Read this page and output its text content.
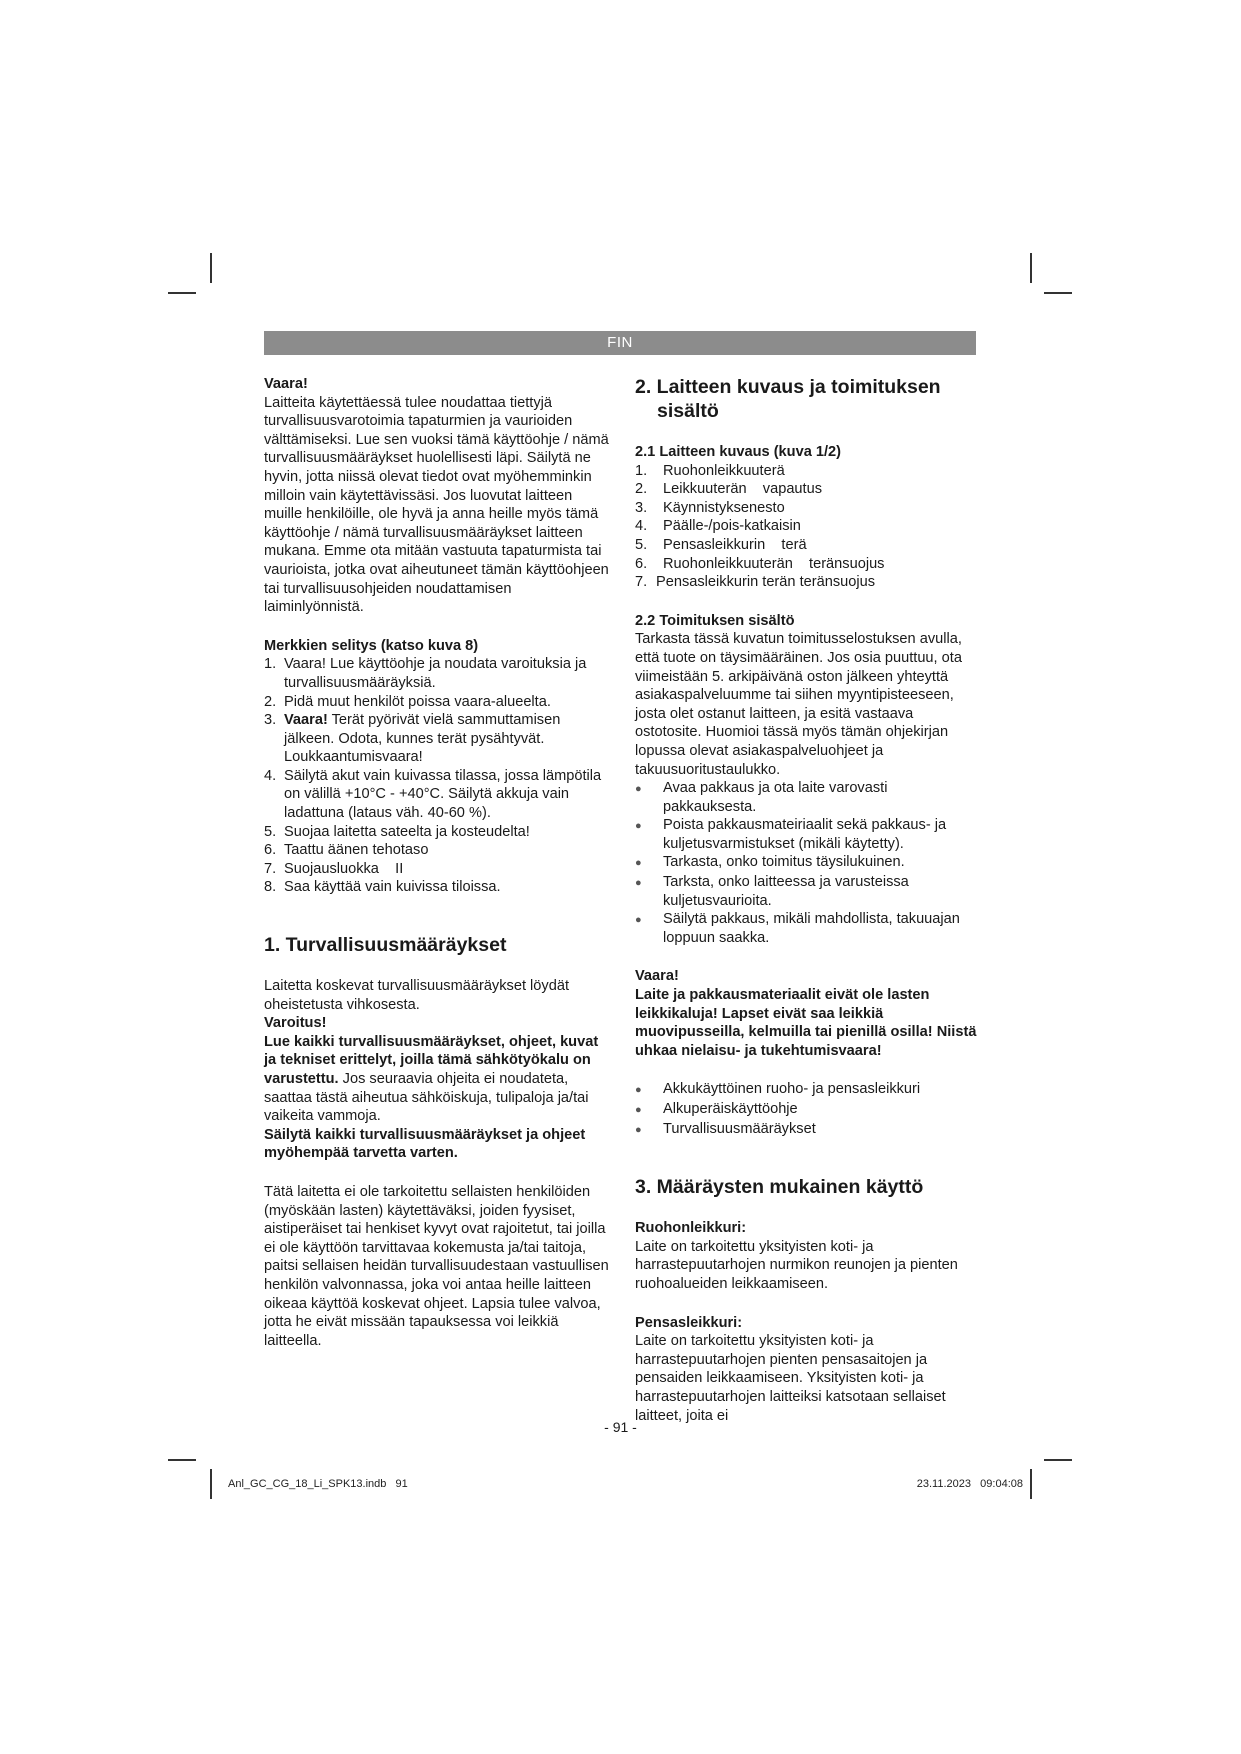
FIN
Vaara!

Laitteita käytettäessä tulee noudattaa tiettyjä turvallisuusvarotoimia tapaturmien ja vaurioiden välttämiseksi. Lue sen vuoksi tämä käyttöohje / nämä turvallisuusmääräykset huolellisesti läpi. Säilytä ne hyvin, jotta niissä olevat tiedot ovat myöhemminkin milloin vain käytettävissäsi. Jos luovutat laitteen muille henkilöille, ole hyvä ja anna heille myös tämä käyttöohje / nämä turvallisuusmääräykset laitteen mukana. Emme ota mitään vastuuta tapaturmista tai vaurioista, jotka ovat aiheutuneet tämän käyttöohjeen tai turvallisuusohjeiden noudattamisen laiminlyönnistä.

Merkkien selitys (katso kuva 8)
1. Vaara! Lue käyttöohje ja noudata varoituksia ja turvallisuusmääräyksiä.
2. Pidä muut henkilöt poissa vaara-alueelta.
3. Vaara! Terät pyörivät vielä sammuttamisen jälkeen. Odota, kunnes terät pysähtyvät. Loukkaantumisvaara!
4. Säilytä akut vain kuivassa tilassa, jossa lämpötila on välillä +10°C - +40°C. Säilytä akkuja vain ladattuna (lataus väh. 40-60 %).
5. Suojaa laitetta sateelta ja kosteudelta!
6. Taattu äänen tehotaso
7. Suojausluokka    II
8. Saa käyttää vain kuivissa tiloissa.
1. Turvallisuusmääräykset

Laitetta koskevat turvallisuusmääräykset löydät oheistetusta vihkosesta.

Varoitus!

Lue kaikki turvallisuusmääräykset, ohjeet, kuvat ja tekniset erittelyt, joilla tämä sähkötyökalu on varustettu. Jos seuraavia ohjeita ei noudateta, saattaa tästä aiheutua sähköiskuja, tulipaloja ja/tai vaikeita vammoja.

Säilytä kaikki turvallisuusmääräykset ja ohjeet myöhempää tarvetta varten.

Tätä laitetta ei ole tarkoitettu sellaisten henkilöiden (myöskään lasten) käytettäväksi, joiden fyysiset, aistiperäiset tai henkiset kyvyt ovat rajoitetut, tai joilla ei ole käyttöön tarvittavaa kokemusta ja/tai taitoja, paitsi sellaisen heidän turvallisuudestaan vastuullisen henkilön valvonnassa, joka voi antaa heille laitteen oikeaa käyttöä koskevat ohjeet. Lapsia tulee valvoa, jotta he eivät missään tapauksessa voi leikkiä laitteella.

2. Laitteen kuvaus ja toimituksen
sisältö
2.1 Laitteen kuvaus (kuva 1/2)
1.	Ruohonleikkuuterä
2.	Leikkuuterän    vapautus
3.	Käynnistyksenesto
4.	Päälle-/pois-katkaisin
5.	Pensasleikkurin    terä
6.	Ruohonleikkuuterän    teränsuojus
7. Pensasleikkurin terän teränsuojus
2.2 Toimituksen sisältö

Tarkasta tässä kuvatun toimitusselostuksen avulla, että tuote on täysimääräinen. Jos osia puuttuu, ota viimeistään 5. arkipäivänä oston jälkeen yhteyttä asiakaspalveluumme tai siihen myyntipisteeseen, josta olet ostanut laitteen, ja esitä vastaava ostotosite. Huomioi tässä myös tämän ohjekirjan lopussa olevat asiakaspalveluohjeet ja takuusuoritustaulukko.

●	Avaa pakkaus ja ota laite varovasti pakkauksesta.
●	Poista pakkausmateiriaalit sekä pakkaus- ja kuljetusvarmistukset (mikäli käytetty).
●	Tarkasta, onko toimitus täysilukuinen.
●	Tarksta, onko laitteessa ja varusteissa kuljetusvaurioita.
●	Säilytä pakkaus, mikäli mahdollista, takuuajan loppuun saakka.
Vaara!

Laite ja pakkausmateriaalit eivät ole lasten leikkikaluja! Lapset eivät saa leikkiä muovipusseilla, kelmuilla tai pienillä osilla! Niistä uhkaa nielaisu- ja tukehtumisvaara!

●	Akkukäyttöinen ruoho- ja pensasleikkuri
●	Alkuperäiskäyttöohje
●	Turvallisuusmääräykset
3. Määräysten mukainen käyttö
Ruohonleikkuri:

Laite on tarkoitettu yksityisten koti- ja harrastepuutarhojen nurmikon reunojen ja pienten ruohoalueiden leikkaamiseen.

Pensasleikkuri:

Laite on tarkoitettu yksityisten koti- ja harrastepuutarhojen pienten pensasaitojen ja pensaiden leikkaamiseen. Yksityisten koti- ja harrastepuutarhojen laitteiksi katsotaan sellaiset laitteet, joita ei

- 91 -
Anl_GC_CG_18_Li_SPK13.indb   91	23.11.2023   09:04:08
